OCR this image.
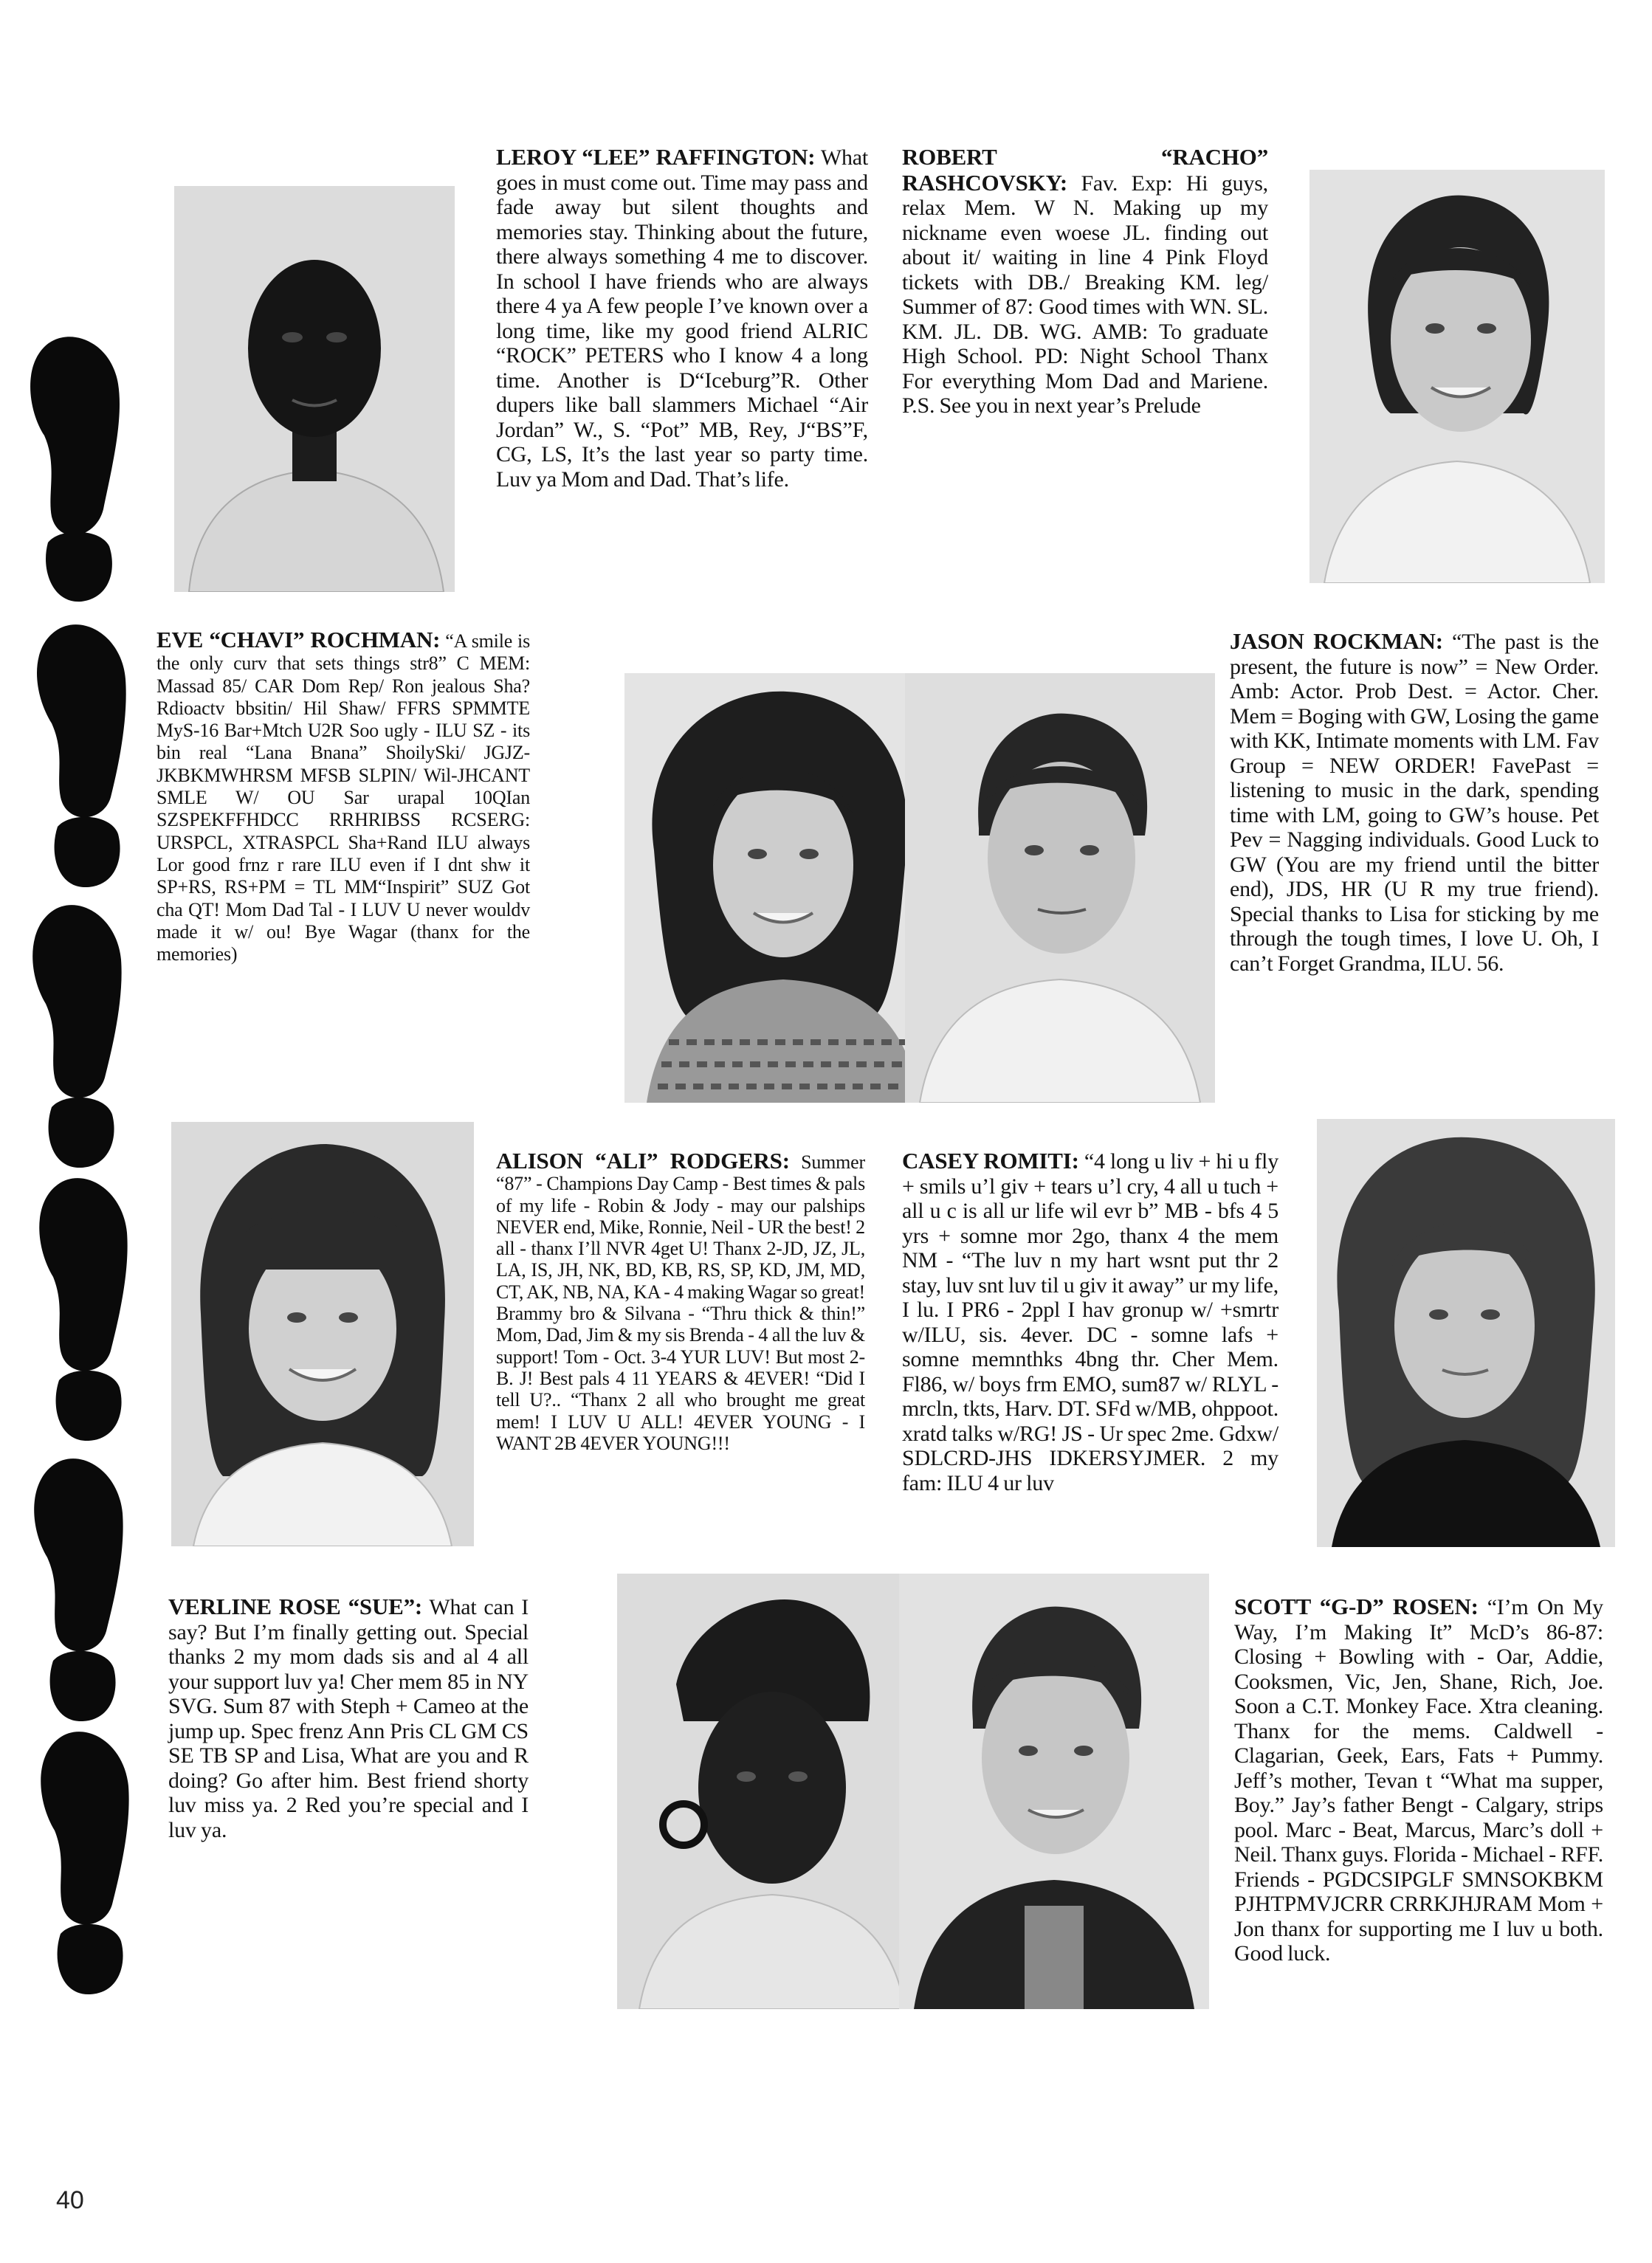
LEROY “LEE” RAFFINGTON: What goes in must come out. Time may pass and fade away but silent thoughts and memories stay. Thinking about the future, there always something 4 me to discover. In school I have friends who are always there 4 ya A few people I’ve known over a long time, like my good friend ALRIC “ROCK” PETERS who I know 4 a long time. Another is D“Iceburg”R. Other dupers like ball slammers Michael “Air Jordan” W., S. “Pot” MB, Rey, J“BS”F, CG, LS, It’s the last year so party time. Luv ya Mom and Dad. That’s life.
ROBERT “RACHO” RASHCOVSKY: Fav. Exp: Hi guys, relax Mem. W N. Making up my nickname even woese JL. finding out about it/ waiting in line 4 Pink Floyd tickets with DB./ Breaking KM. leg/ Summer of 87: Good times with WN. SL. KM. JL. DB. WG. AMB: To graduate High School. PD: Night School Thanx For everything Mom Dad and Mariene. P.S. See you in next year’s Prelude
EVE “CHAVI” ROCHMAN: “A smile is the only curv that sets things str8” C MEM: Massad 85/ CAR Dom Rep/ Ron jealous Sha? Rdioactv bbsitin/ Hil Shaw/ FFRS SPMMTE MyS-16 Bar+Mtch U2R Soo ugly - ILU SZ - its bin real “Lana Bnana” ShoilySki/ JGJZ-JKBKMWHRSM MFSB SLPIN/ Wil-JHCANT SMLE W/ OU Sar urapal 10QIan SZSPEKFFHDCC RRHRIBSS RCSERG: URSPCL, XTRASPCL Sha+Rand ILU always Lor good frnz r rare ILU even if I dnt shw it SP+RS, RS+PM = TL MM“Inspirit” SUZ Got cha QT! Mom Dad Tal - I LUV U never wouldv made it w/ ou! Bye Wagar (thanx for the memories)
JASON ROCKMAN: “The past is the present, the future is now” = New Order. Amb: Actor. Prob Dest. = Actor. Cher. Mem = Boging with GW, Losing the game with KK, Intimate moments with LM. Fav Group = NEW ORDER! FavePast = listening to music in the dark, spending time with LM, going to GW’s house. Pet Pev = Nagging individuals. Good Luck to GW (You are my friend until the bitter end), JDS, HR (U R my true friend). Special thanks to Lisa for sticking by me through the tough times, I love U. Oh, I can’t Forget Grandma, ILU. 56.
ALISON “ALI” RODGERS: Summer “87” - Champions Day Camp - Best times & pals of my life - Robin & Jody - may our palships NEVER end, Mike, Ronnie, Neil - UR the best! 2 all - thanx I’ll NVR 4get U! Thanx 2-JD, JZ, JL, LA, IS, JH, NK, BD, KB, RS, SP, KD, JM, MD, CT, AK, NB, NA, KA - 4 making Wagar so great! Brammy bro & Silvana - “Thru thick & thin!” Mom, Dad, Jim & my sis Brenda - 4 all the luv & support! Tom - Oct. 3-4 YUR LUV! But most 2-B. J! Best pals 4 11 YEARS & 4EVER! “Did I tell U?.. “Thanx 2 all who brought me great mem! I LUV U ALL! 4EVER YOUNG - I WANT 2B 4EVER YOUNG!!!
CASEY ROMITI: “4 long u liv + hi u fly + smils u’l giv + tears u’l cry, 4 all u tuch + all u c is all ur life wil evr b” MB - bfs 4 5 yrs + somne mor 2go, thanx 4 the mem NM - “The luv n my hart wsnt put thr 2 stay, luv snt luv til u giv it away” ur my life, I lu. I PR6 - 2ppl I hav gronup w/ +smrtr w/ILU, sis. 4ever. DC - somne lafs + somne memnthks 4bng thr. Cher Mem. Fl86, w/ boys frm EMO, sum87 w/ RLYL - mrcln, tkts, Harv. DT. SFd w/MB, ohppoot. xratd talks w/RG! JS - Ur spec 2me. Gdxw/ SDLCRD-JHS IDKERSYJMER. 2 my fam: ILU 4 ur luv
VERLINE ROSE “SUE”: What can I say? But I’m finally getting out. Special thanks 2 my mom dads sis and al 4 all your support luv ya! Cher mem 85 in NY SVG. Sum 87 with Steph + Cameo at the jump up. Spec frenz Ann Pris CL GM CS SE TB SP and Lisa, What are you and R doing? Go after him. Best friend shorty luv miss ya. 2 Red you’re special and I luv ya.
SCOTT “G-D” ROSEN: “I’m On My Way, I’m Making It” McD’s 86-87: Closing + Bowling with - Oar, Addie, Cooksmen, Vic, Jen, Shane, Rich, Joe. Soon a C.T. Monkey Face. Xtra cleaning. Thanx for the mems. Caldwell - Clagarian, Geek, Ears, Fats + Pummy. Jeff’s mother, Tevan t “What ma supper, Boy.” Jay’s father Bengt - Calgary, strips pool. Marc - Beat, Marcus, Marc’s doll + Neil. Thanx guys. Florida - Michael - RFF. Friends - PGDCSIPGLF SMNSOKBKM PJHTPMVJCRR CRRKJHJRAM Mom + Jon thanx for supporting me I luv u both. Good luck.
40
